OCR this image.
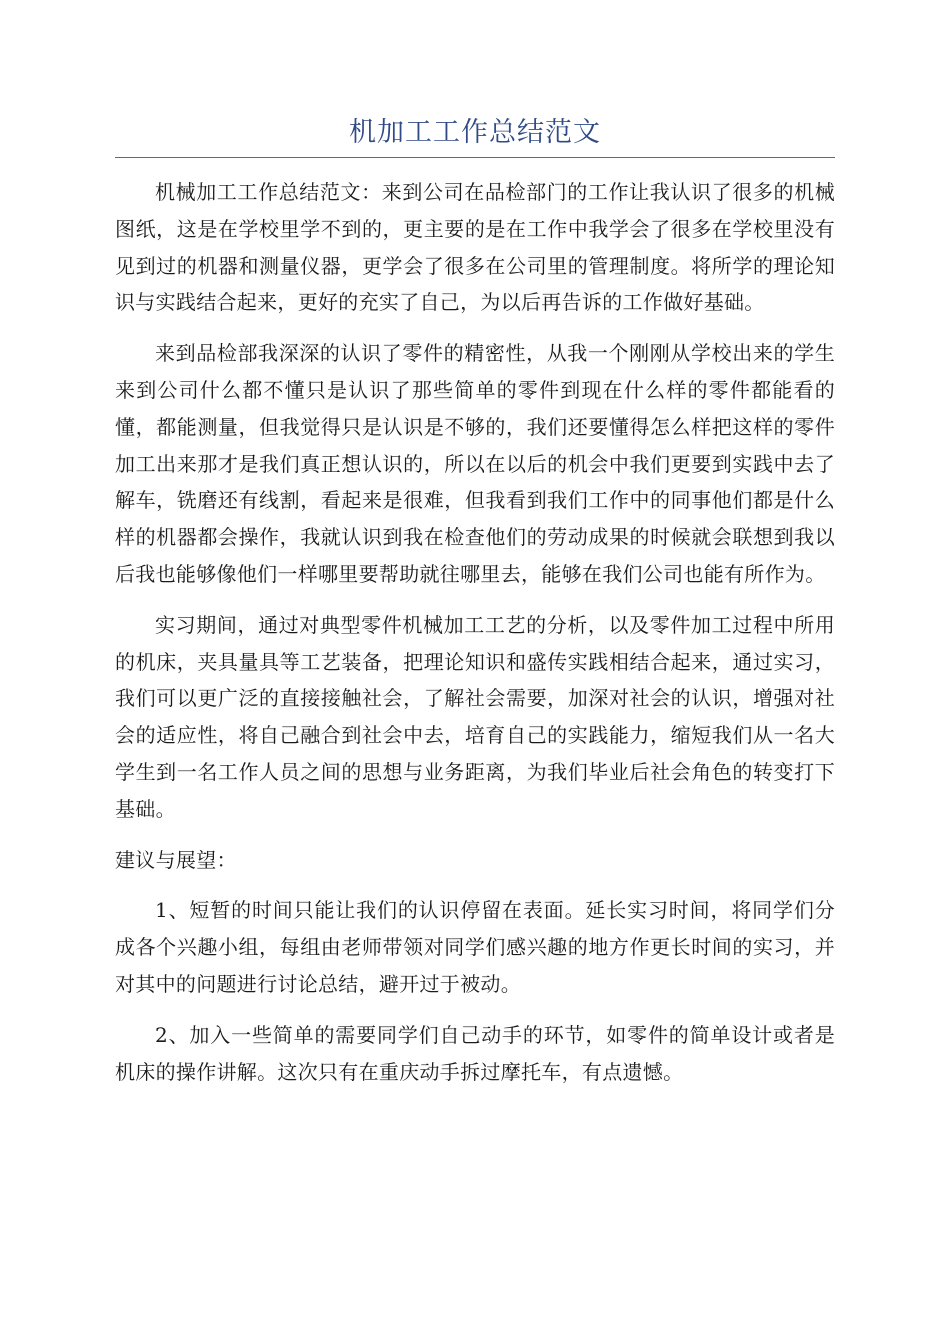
机加工工作总结范文

机械加工工作总结范文：来到公司在品检部门的工作让我认识了很多的机械图纸，这是在学校里学不到的，更主要的是在工作中我学会了很多在学校里没有见到过的机器和测量仪器，更学会了很多在公司里的管理制度。将所学的理论知识与实践结合起来，更好的充实了自己，为以后再告诉的工作做好基础。

来到品检部我深深的认识了零件的精密性，从我一个刚刚从学校出来的学生来到公司什么都不懂只是认识了那些简单的零件到现在什么样的零件都能看的懂，都能测量，但我觉得只是认识是不够的，我们还要懂得怎么样把这样的零件加工出来那才是我们真正想认识的，所以在以后的机会中我们更要到实践中去了解车，铣磨还有线割，看起来是很难，但我看到我们工作中的同事他们都是什么样的机器都会操作，我就认识到我在检查他们的劳动成果的时候就会联想到我以后我也能够像他们一样哪里要帮助就往哪里去，能够在我们公司也能有所作为。

实习期间，通过对典型零件机械加工工艺的分析，以及零件加工过程中所用的机床，夹具量具等工艺装备，把理论知识和盛传实践相结合起来，通过实习，我们可以更广泛的直接接触社会，了解社会需要，加深对社会的认识，增强对社会的适应性，将自己融合到社会中去，培育自己的实践能力，缩短我们从一名大学生到一名工作人员之间的思想与业务距离，为我们毕业后社会角色的转变打下基础。

建议与展望：

1、短暂的时间只能让我们的认识停留在表面。延长实习时间，将同学们分成各个兴趣小组，每组由老师带领对同学们感兴趣的地方作更长时间的实习，并对其中的问题进行讨论总结，避开过于被动。

2、加入一些简单的需要同学们自己动手的环节，如零件的简单设计或者是机床的操作讲解。这次只有在重庆动手拆过摩托车，有点遗憾。
